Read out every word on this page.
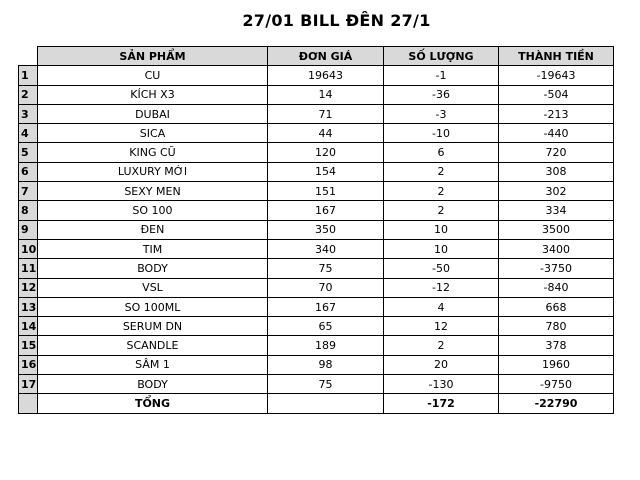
27/01 BILL ĐÊN 27/1
	SẢN PHẨM	ĐƠN GIÁ	SỐ LƯỢNG	THÀNH TIỀN
1	CU	19643	-1	-19643
2	KÍCH X3	14	-36	-504
3	DUBAI	71	-3	-213
4	SICA	44	-10	-440
5	KING CŨ	120	6	720
6	LUXURY MỚI	154	2	308
7	SEXY MEN	151	2	302
8	SO 100	167	2	334
9	ĐEN	350	10	3500
10	TIM	340	10	3400
11	BODY	75	-50	-3750
12	VSL	70	-12	-840
13	SO 100ML	167	4	668
14	SERUM DN	65	12	780
15	SCANDLE	189	2	378
16	SÂM 1	98	20	1960
17	BODY	75	-130	-9750
	TỔNG		-172	-22790
